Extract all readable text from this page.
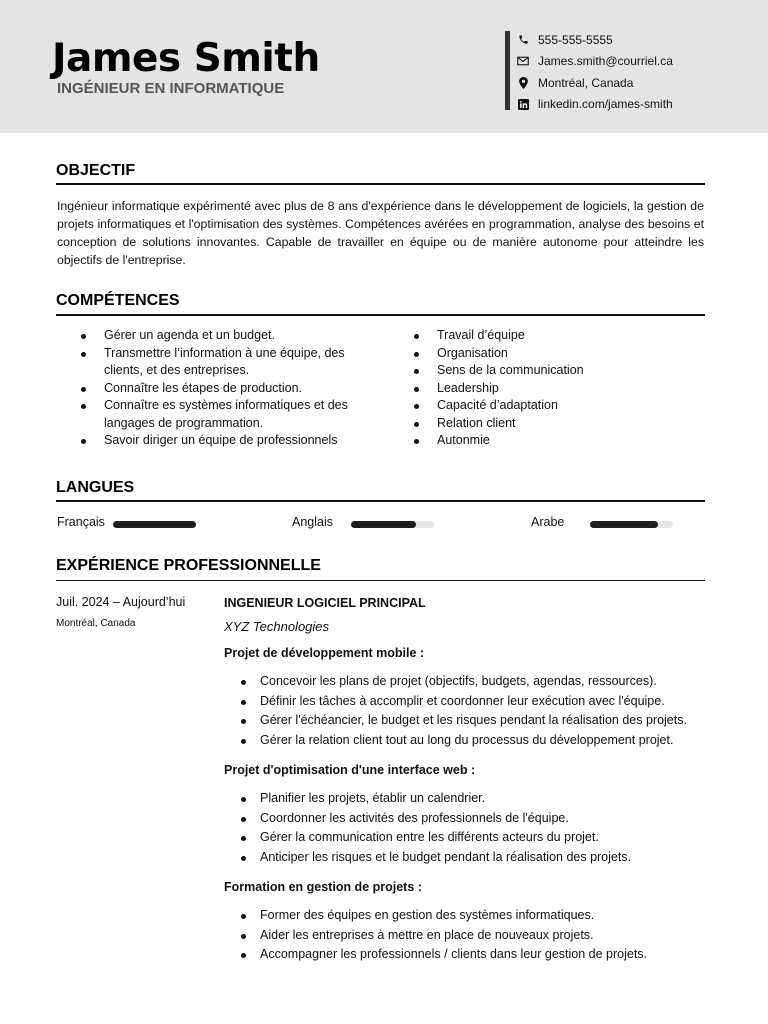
James Smith
INGÉNIEUR EN INFORMATIQUE
555-555-5555
James.smith@courriel.ca
Montréal, Canada
linkedin.com/james-smith
OBJECTIF
Ingénieur informatique expérimenté avec plus de 8 ans d'expérience dans le développement de logiciels, la gestion de projets informatiques et l'optimisation des systèmes. Compétences avérées en programmation, analyse des besoins et conception de solutions innovantes. Capable de travailler en équipe ou de manière autonome pour atteindre les objectifs de l'entreprise.
COMPÉTENCES
Gérer un agenda et un budget.
Transmettre l’information à une équipe, des clients, et des entreprises.
Connaître les étapes de production.
Connaître es systèmes informatiques et des langages de programmation.
Savoir diriger un équipe de professionnels
Travail d’équipe
Organisation
Sens de la communication
Leadership
Capacité d’adaptation
Relation client
Autonmie
LANGUES
Français	Anglais	Arabe
EXPÉRIENCE PROFESSIONNELLE
Juil. 2024 – Aujourd’hui
Montréal, Canada
INGENIEUR LOGICIEL PRINCIPAL
XYZ Technologies
Projet de développement mobile :
Concevoir les plans de projet (objectifs, budgets, agendas, ressources).
Définir les tâches à accomplir et coordonner leur exécution avec l'équipe.
Gérer l'échéancier, le budget et les risques pendant la réalisation des projets.
Gérer la relation client tout au long du processus du développement projet.
Projet d'optimisation d'une interface web :
Planifier les projets, établir un calendrier.
Coordonner les activités des professionnels de l'équipe.
Gérer la communication entre les différents acteurs du projet.
Anticiper les risques et le budget pendant la réalisation des projets.
Formation en gestion de projets :
Former des équipes en gestion des systèmes informatiques.
Aider les entreprises à mettre en place de nouveaux projets.
Accompagner les professionnels / clients dans leur gestion de projets.
